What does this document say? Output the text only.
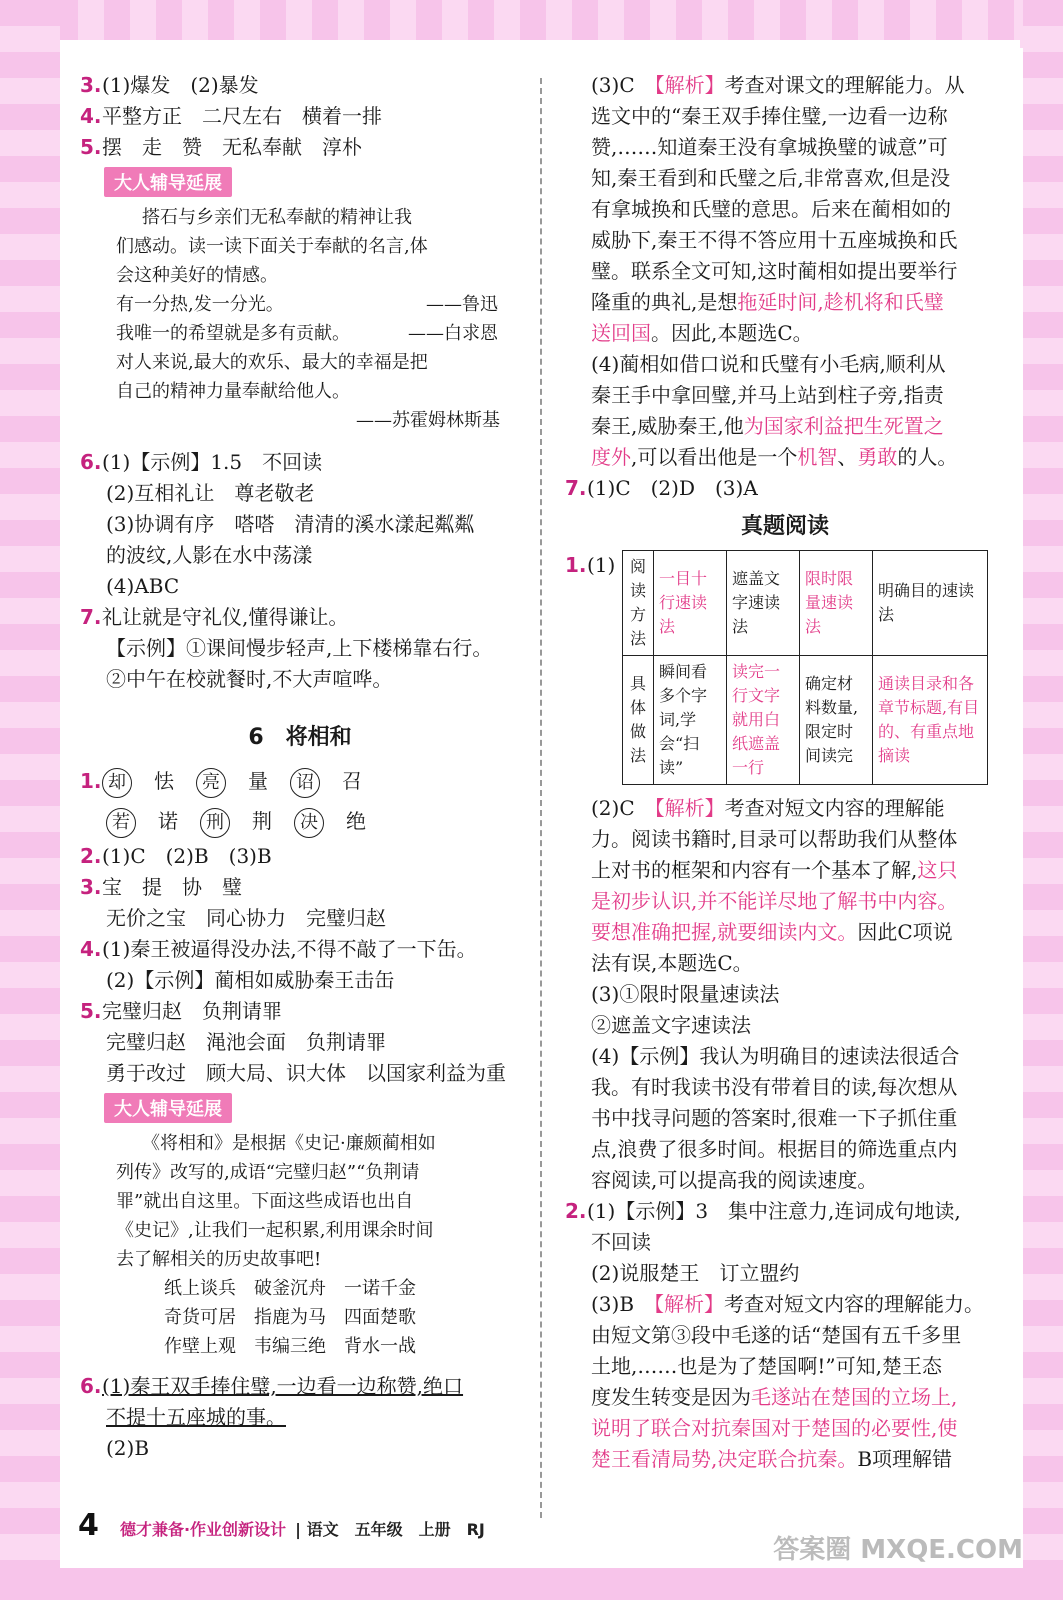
3.(1)爆发　(2)暴发
4.平整方正　二尺左右　横着一排
5.摆　走　赞　无私奉献　淳朴
大人辅导延展
搭石与乡亲们无私奉献的精神让我
们感动。读一读下面关于奉献的名言,体
会这种美好的情感。
有一分热,发一分光。	——鲁迅
我唯一的希望就是多有贡献。	——白求恩
对人来说,最大的欢乐、最大的幸福是把
自己的精神力量奉献给他人。
——苏霍姆林斯基
6.(1)【示例】1.5　不回读
(2)互相礼让　尊老敬老
(3)协调有序　嗒嗒　清清的溪水漾起粼粼
的波纹,人影在水中荡漾
(4)ABC
7.礼让就是守礼仪,懂得谦让。
【示例】①课间慢步轻声,上下楼梯靠右行。
②中午在校就餐时,不大声喧哗。
6　将相和
1. 却 怯 亮 量 诏 召
若 诺 刑 荆 决 绝
2.(1)C　(2)B　(3)B
3.宝　提　协　璧
无价之宝　同心协力　完璧归赵
4.(1)秦王被逼得没办法,不得不敲了一下缶。
(2)【示例】蔺相如威胁秦王击缶
5.完璧归赵　负荆请罪
完璧归赵　渑池会面　负荆请罪
勇于改过　顾大局、识大体　以国家利益为重
大人辅导延展
《将相和》是根据《史记·廉颇蔺相如
列传》改写的,成语“完璧归赵”“负荆请
罪”就出自这里。下面这些成语也出自
《史记》,让我们一起积累,利用课余时间
去了解相关的历史故事吧!
纸上谈兵　破釜沉舟　一诺千金
奇货可居　指鹿为马　四面楚歌
作壁上观　韦编三绝　背水一战
6.(1)秦王双手捧住璧,一边看一边称赞,绝口
不提十五座城的事。
(2)B
(3)C　 【解析】考查对课文的理解能力。从
选文中的“秦王双手捧住璧,一边看一边称
赞,……知道秦王没有拿城换璧的诚意”可
知,秦王看到和氏璧之后,非常喜欢,但是没
有拿城换和氏璧的意思。后来在蔺相如的
威胁下,秦王不得不答应用十五座城换和氏
璧。联系全文可知,这时蔺相如提出要举行
隆重的典礼,是想拖延时间,趁机将和氏璧
送回国。因此,本题选C。
(4)蔺相如借口说和氏璧有小毛病,顺利从
秦王手中拿回璧,并马上站到柱子旁,指责
秦王,威胁秦王,他为国家利益把生死置之
度外,可以看出他是一个机智、勇敢的人。
7.(1)C　(2)D　(3)A
真题阅读
1.(1) 阅读方法	一目十行速读法	遮盖文字速读法	限时限量速读法	明确目的速读法
具体做法	瞬间看多个字词,学会“扫读”	读完一行文字就用白纸遮盖一行	确定材料数量,限定时间读完	通读目录和各章节标题,有目的、有重点地摘读
(2)C　 【解析】考查对短文内容的理解能
力。阅读书籍时,目录可以帮助我们从整体
上对书的框架和内容有一个基本了解,这只
是初步认识,并不能详尽地了解书中内容。
要想准确把握,就要细读内文。因此C项说
法有误,本题选C。
(3)①限时限量速读法
②遮盖文字速读法
(4)【示例】我认为明确目的速读法很适合
我。有时我读书没有带着目的读,每次想从
书中找寻问题的答案时,很难一下子抓住重
点,浪费了很多时间。根据目的筛选重点内
容阅读,可以提高我的阅读速度。
2.(1)【示例】3　集中注意力,连词成句地读,
不回读
(2)说服楚王　订立盟约
(3)B　 【解析】考查对短文内容的理解能力。
由短文第③段中毛遂的话“楚国有五千多里
土地,……也是为了楚国啊!”可知,楚王态
度发生转变是因为毛遂站在楚国的立场上,
说明了联合对抗秦国对于楚国的必要性,使
楚王看清局势,决定联合抗秦。B项理解错
4 德才兼备·作业创新设计 | 语文　五年级　上册　RJ
答案圈 MXQE.COM
